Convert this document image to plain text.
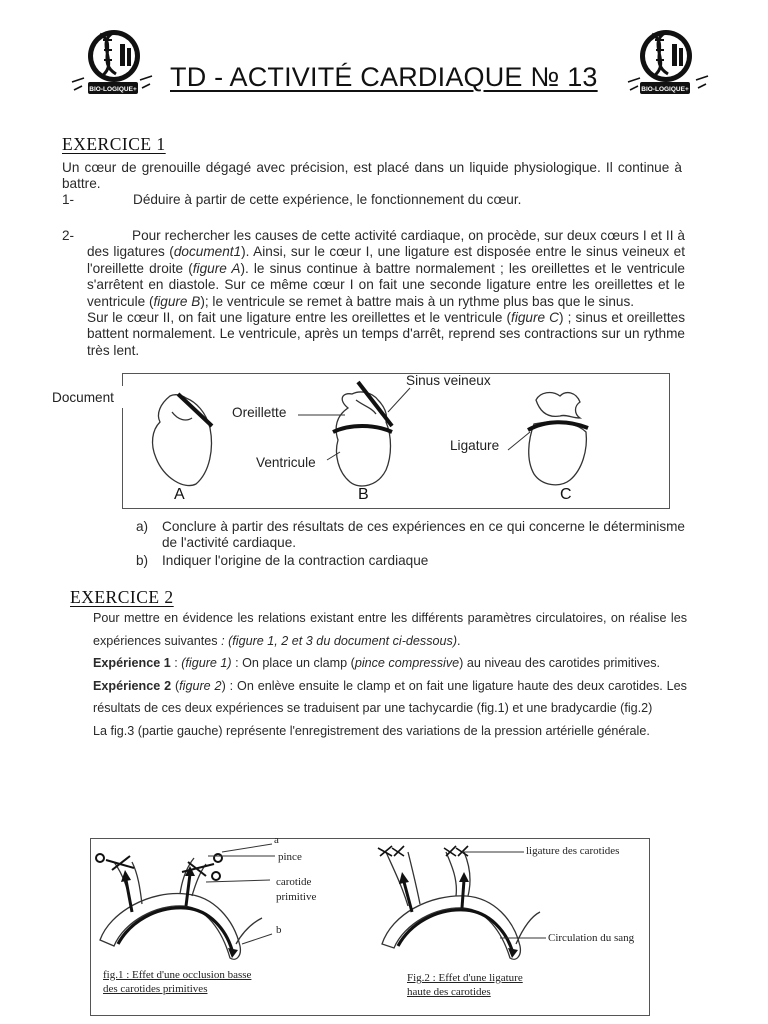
BIO-LOGIQUE+	BIO-LOGIQUE+
TD - ACTIVITÉ CARDIAQUE № 13
EXERCICE 1
Un cœur de grenouille dégagé avec précision, est placé dans un liquide physiologique. Il continue à battre.
1-	Déduire à partir de cette expérience, le fonctionnement du cœur.
2-	Pour rechercher les causes de cette activité cardiaque, on procède, sur deux cœurs I et II à des ligatures (document1). Ainsi, sur le cœur I, une ligature est disposée entre le sinus veineux et l'oreillette droite (figure A). le sinus continue à battre normalement ; les oreillettes et le ventricule s'arrêtent en diastole. Sur ce même cœur I on fait une seconde ligature entre les oreillettes et le ventricule (figure B); le ventricule se remet à battre mais à un rythme plus bas que le sinus.
Sur le cœur II, on fait une ligature entre les oreillettes et le ventricule (figure C) ; sinus et oreillettes battent normalement. Le ventricule, après un temps d'arrêt, reprend ses contractions sur un rythme très lent.
Document
Sinus veineux
Oreillette
Ventricule
Ligature
A	B	C
a) Conclure à partir des résultats de ces expériences en ce qui concerne le déterminisme de l'activité cardiaque.
b) Indiquer l'origine de la contraction cardiaque
EXERCICE 2
Pour mettre en évidence les relations existant entre les différents paramètres circulatoires, on réalise les expériences suivantes : (figure 1, 2 et 3 du document ci-dessous).
Expérience 1 : (figure 1) : On place un clamp (pince compressive) au niveau des carotides primitives.
Expérience 2 (figure 2) : On enlève ensuite le clamp et on fait une ligature haute des deux carotides. Les résultats de ces deux expériences se traduisent par une tachycardie (fig.1) et une bradycardie (fig.2)
La fig.3 (partie gauche) représente l'enregistrement des variations de la pression artérielle générale.
a
pince
carotide
primitive
b
ligature des carotides
Circulation du sang
fig.1 : Effet d'une occlusion basse
des carotides primitives
Fig.2 : Effet d'une ligature
haute des carotides
